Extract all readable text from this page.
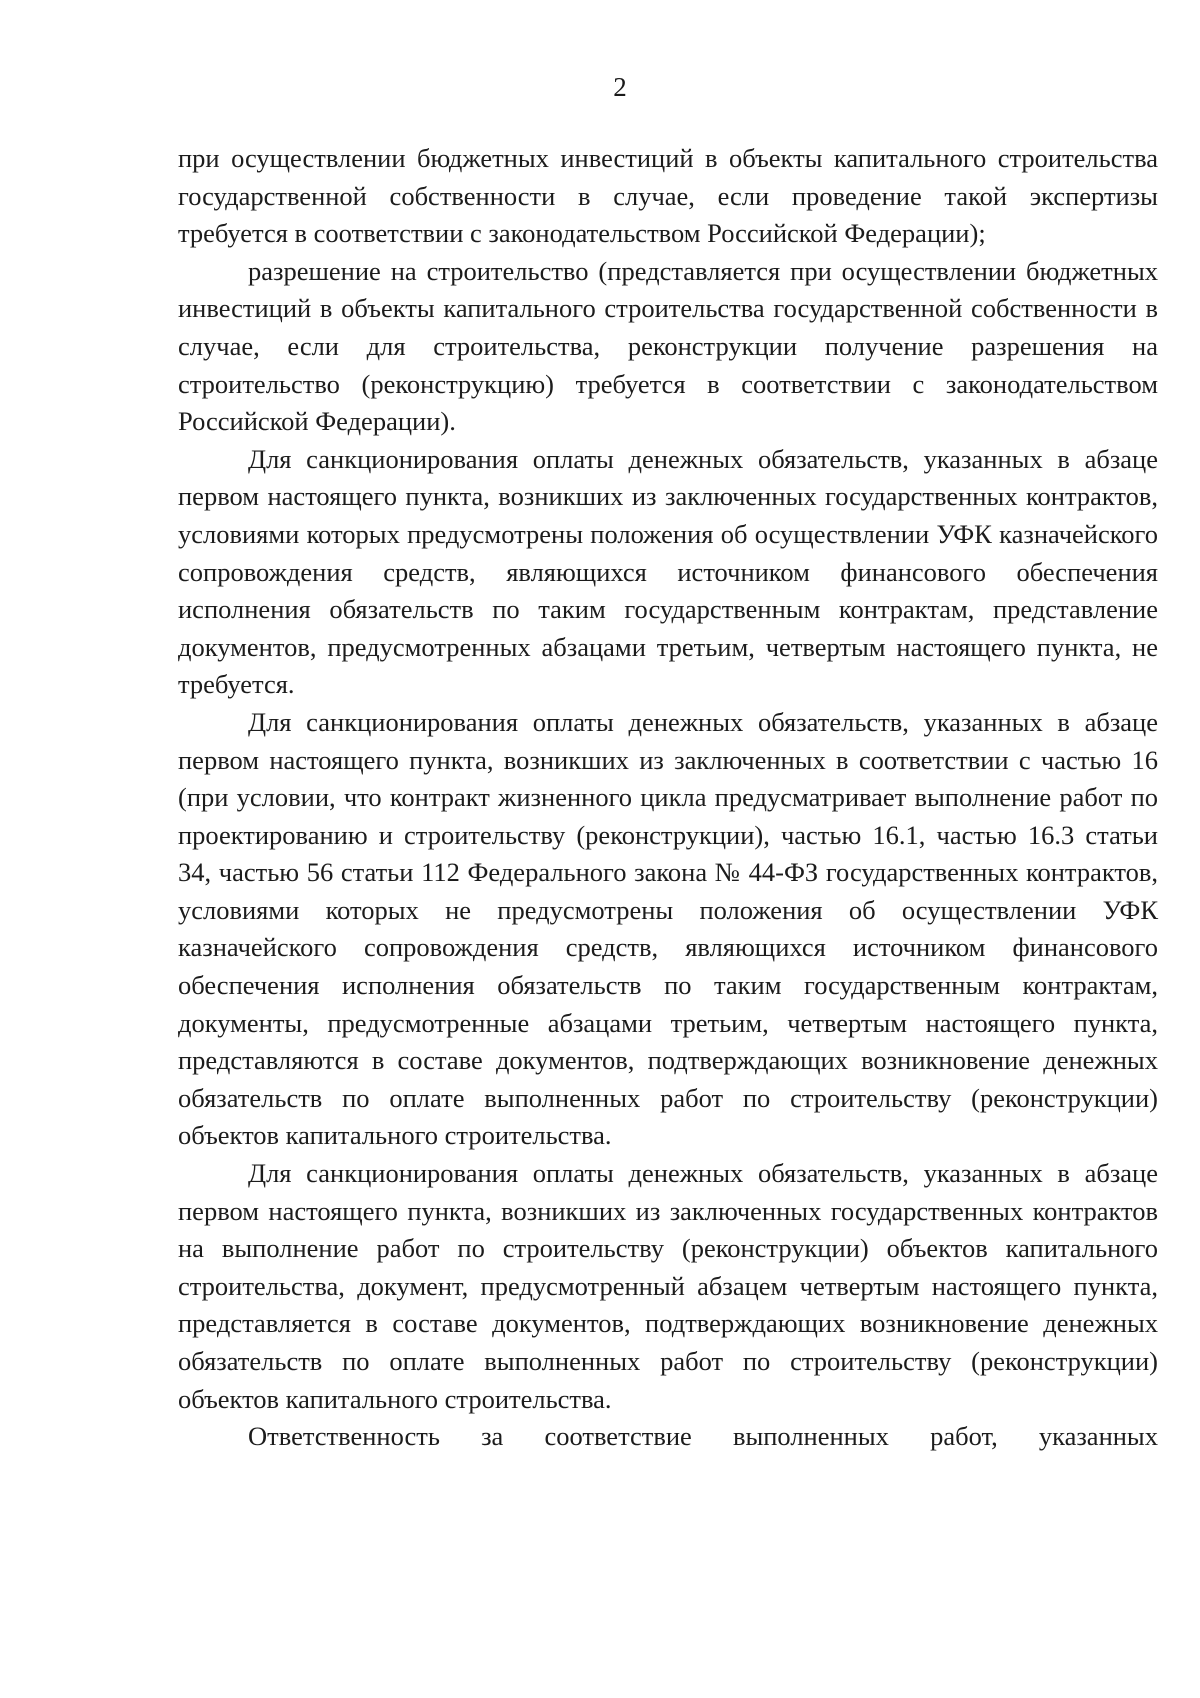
2

при осуществлении бюджетных инвестиций в объекты капитального строительства государственной собственности в случае, если проведение такой экспертизы требуется в соответствии с законодательством Российской Федерации);

разрешение на строительство (представляется при осуществлении бюджетных инвестиций в объекты капитального строительства государственной собственности в случае, если для строительства, реконструкции получение разрешения на строительство (реконструкцию) требуется в соответствии с законодательством Российской Федерации).

Для санкционирования оплаты денежных обязательств, указанных в абзаце первом настоящего пункта, возникших из заключенных государственных контрактов, условиями которых предусмотрены положения об осуществлении УФК казначейского сопровождения средств, являющихся источником финансового обеспечения исполнения обязательств по таким государственным контрактам, представление документов, предусмотренных абзацами третьим, четвертым настоящего пункта, не требуется.

Для санкционирования оплаты денежных обязательств, указанных в абзаце первом настоящего пункта, возникших из заключенных в соответствии с частью 16 (при условии, что контракт жизненного цикла предусматривает выполнение работ по проектированию и строительству (реконструкции), частью 16.1, частью 16.3 статьи 34, частью 56 статьи 112 Федерального закона № 44-ФЗ государственных контрактов, условиями которых не предусмотрены положения об осуществлении УФК казначейского сопровождения средств, являющихся источником финансового обеспечения исполнения обязательств по таким государственным контрактам, документы, предусмотренные абзацами третьим, четвертым настоящего пункта, представляются в составе документов, подтверждающих возникновение денежных обязательств по оплате выполненных работ по строительству (реконструкции) объектов капитального строительства.

Для санкционирования оплаты денежных обязательств, указанных в абзаце первом настоящего пункта, возникших из заключенных государственных контрактов на выполнение работ по строительству (реконструкции) объектов капитального строительства, документ, предусмотренный абзацем четвертым настоящего пункта, представляется в составе документов, подтверждающих возникновение денежных обязательств по оплате выполненных работ по строительству (реконструкции) объектов капитального строительства.

Ответственность за соответствие выполненных работ, указанных
